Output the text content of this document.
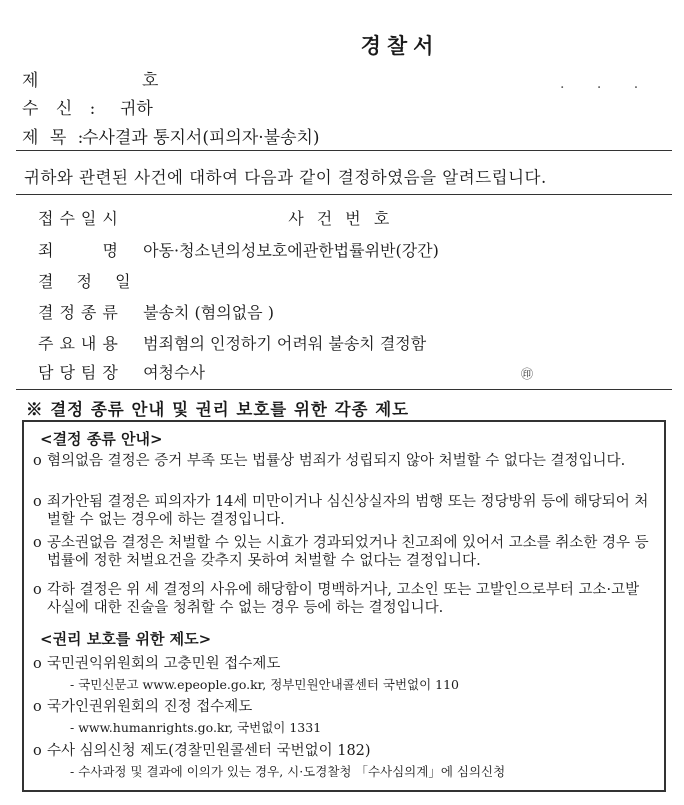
경찰서
. . .
제	호
수 신 : 귀하
제 목 :수사결과 통지서(피의자·불송치)
귀하와 관련된 사건에 대하여 다음과 같이 결정하였음을 알려드립니다.
접수일시	사 건 번 호
죄 명 아동·청소년의성보호에관한법률위반(강간)
결 정 일
결정종류 불송치 (혐의없음 )
주요내용 범죄혐의 인정하기 어려워 불송치 결정함
담당팀장 여청수사	㊞
※ 결정 종류 안내 및 권리 보호를 위한 각종 제도
<결정 종류 안내>
o 혐의없음 결정은 증거 부족 또는 법률상 범죄가 성립되지 않아 처벌할 수 없다는 결정입니다.
o 죄가안됨 결정은 피의자가 14세 미만이거나 심신상실자의 범행 또는 정당방위 등에 해당되어 처벌할 수 없는 경우에 하는 결정입니다.
o 공소권없음 결정은 처벌할 수 있는 시효가 경과되었거나 친고죄에 있어서 고소를 취소한 경우 등 법률에 정한 처벌요건을 갖추지 못하여 처벌할 수 없다는 결정입니다.
o 각하 결정은 위 세 결정의 사유에 해당함이 명백하거나, 고소인 또는 고발인으로부터 고소·고발 사실에 대한 진술을 청취할 수 없는 경우 등에 하는 결정입니다.
<권리 보호를 위한 제도>
o 국민권익위원회의 고충민원 접수제도
- 국민신문고 www.epeople.go.kr, 정부민원안내콜센터 국번없이 110
o 국가인권위원회의 진정 접수제도
- www.humanrights.go.kr, 국번없이 1331
o 수사 심의신청 제도(경찰민원콜센터 국번없이 182)
- 수사과정 및 결과에 이의가 있는 경우, 시·도경찰청 「수사심의계」에 심의신청
